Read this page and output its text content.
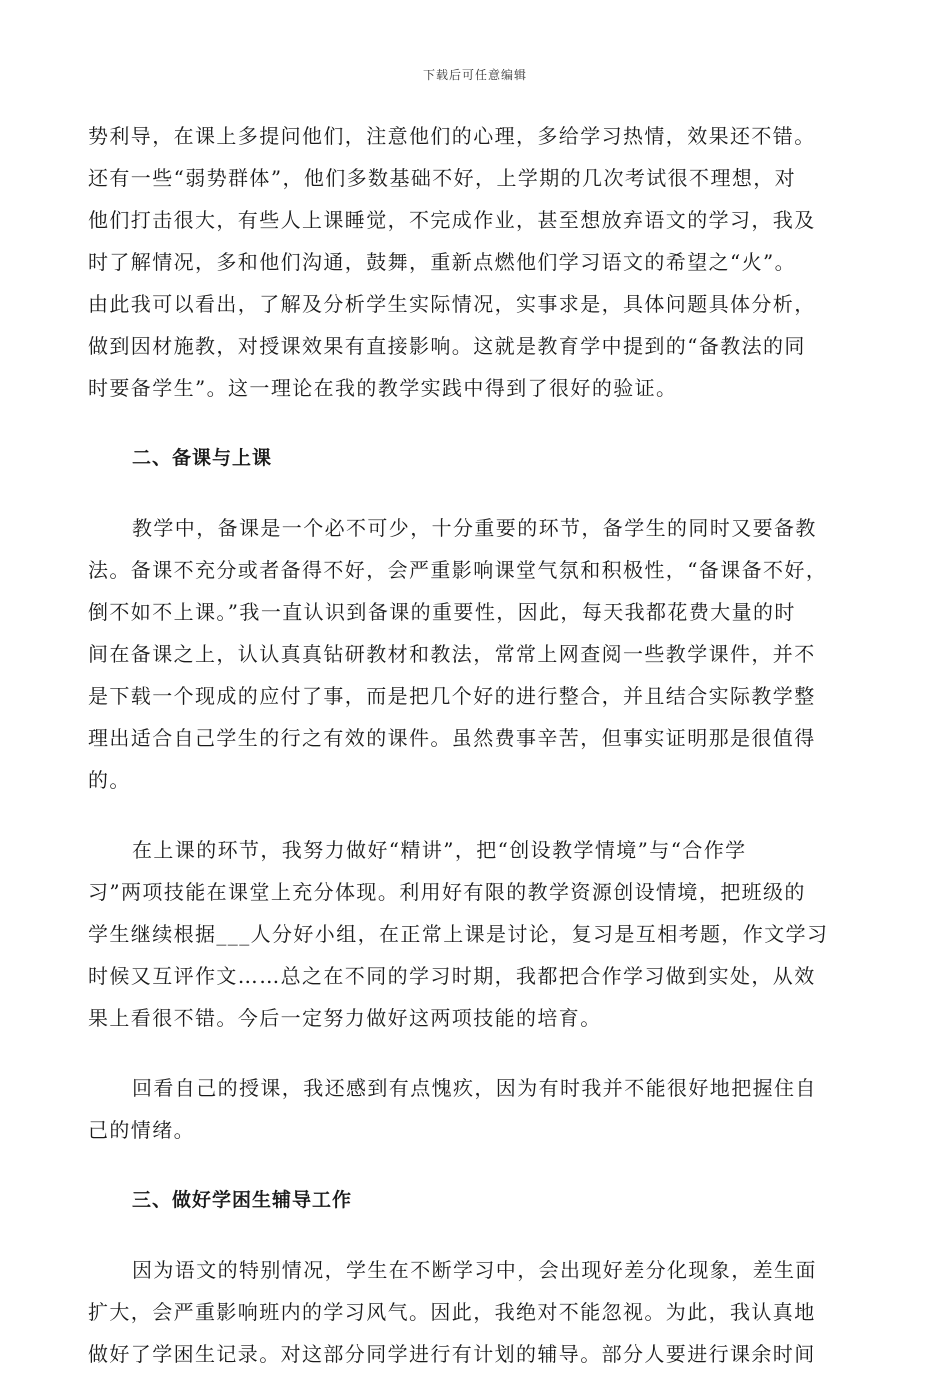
下载后可任意编辑
势利导，在课上多提问他们，注意他们的心理，多给学习热情，效果还不错。
还有一些“弱势群体”，他们多数基础不好，上学期的几次考试很不理想，对
他们打击很大，有些人上课睡觉，不完成作业，甚至想放弃语文的学习，我及
时了解情况，多和他们沟通，鼓舞，重新点燃他们学习语文的希望之“火”。
由此我可以看出，了解及分析学生实际情况，实事求是，具体问题具体分析，
做到因材施教，对授课效果有直接影响。这就是教育学中提到的“备教法的同
时要备学生”。这一理论在我的教学实践中得到了很好的验证。
二、备课与上课
教学中，备课是一个必不可少，十分重要的环节，备学生的同时又要备教
法。备课不充分或者备得不好，会严重影响课堂气氛和积极性，“备课备不好，
倒不如不上课。”我一直认识到备课的重要性，因此，每天我都花费大量的时
间在备课之上，认认真真钻研教材和教法，常常上网查阅一些教学课件，并不
是下载一个现成的应付了事，而是把几个好的进行整合，并且结合实际教学整
理出适合自己学生的行之有效的课件。虽然费事辛苦，但事实证明那是很值得
的。
在上课的环节，我努力做好“精讲”，把“创设教学情境”与“合作学
习”两项技能在课堂上充分体现。利用好有限的教学资源创设情境，把班级的
学生继续根据___人分好小组，在正常上课是讨论，复习是互相考题，作文学习
时候又互评作文……总之在不同的学习时期，我都把合作学习做到实处，从效
果上看很不错。今后一定努力做好这两项技能的培育。
回看自己的授课，我还感到有点愧疚，因为有时我并不能很好地把握住自
己的情绪。
三、做好学困生辅导工作
因为语文的特别情况，学生在不断学习中，会出现好差分化现象，差生面
扩大，会严重影响班内的学习风气。因此，我绝对不能忽视。为此，我认真地
做好了学困生记录。对这部分同学进行有计划的辅导。部分人要进行课余时间
